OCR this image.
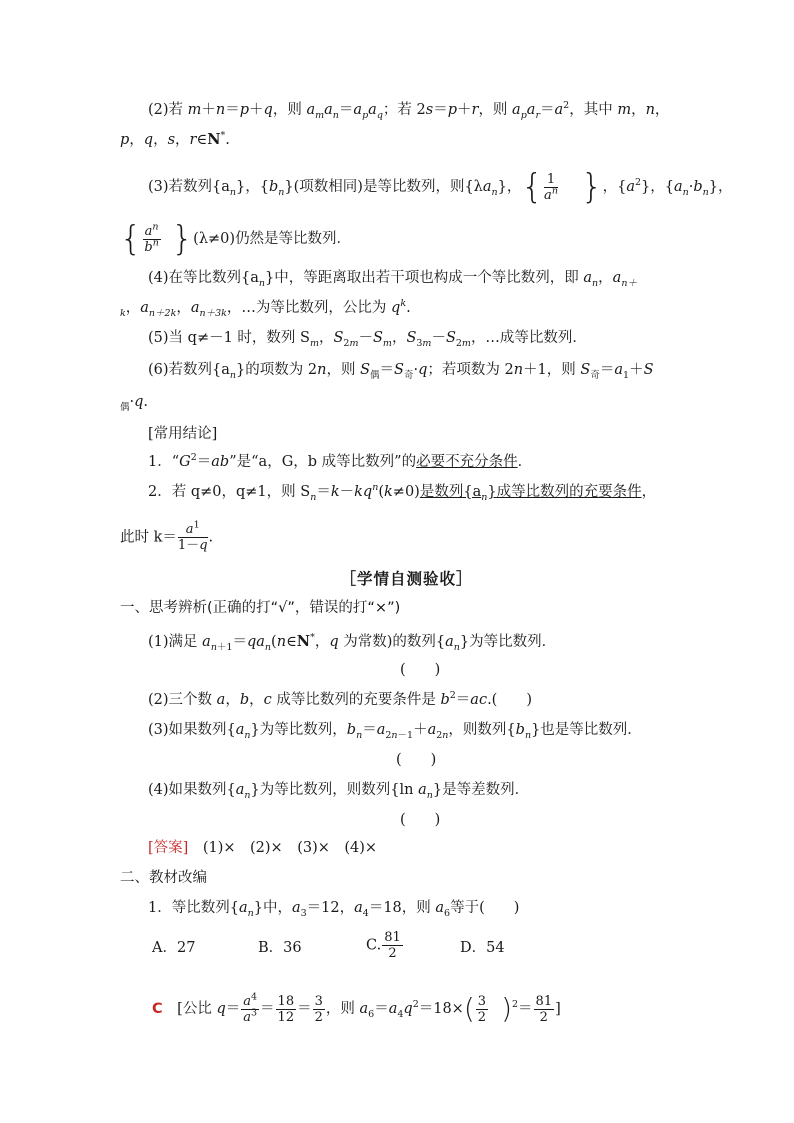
(2)若 m＋n＝p＋q，则 $a_ma_n=a_pa_q$；若 2s＝p＋r，则 $a_pa_r=a^2$，其中 m，n，
p，q，s，r∈N*.
(3)若数列$\{a_n\}$，$\{b_n\}$(项数相同)是等比数列，则$\{\lambda a_n\}$，{ $\frac{1}{a^n}$ }，$\{a^2\}$，$\{a_n\cdot b_n\}$，
{ $\frac{a^n}{b^n} \}(\lambda\ne 0)$仍然是等比数列．
(4)在等比数列$\{a_n\}$中，等距离取出若干项也构成一个等比数列，即 $a_n$，$a_{n+}$
$_k$，$a_{n+2k}$，$a_{n+3k}$，…为等比数列，公比为 $q^k$.
(5)当 q≠－1 时，数列 $S_m$，$S_{2m}-S_m$，$S_{3m}-S_{2m}$，…成等比数列．
(6)若数列$\{a_n\}$的项数为 2n，则 $S_偶=S_奇\cdot q$；若项数为 2n＋1，则 $S_奇=a_1+S$
$_偶$·q.
[常用结论]
1．“$G^2=ab$”是“a，G，b 成等比数列”的必要不充分条件．
2．若 q≠0，q≠1，则 $S_n=k-kq^n(k\ne 0)$是数列$\{a_n\}$成等比数列的充要条件，
此时 $k= \frac{a^1}{1-q}$ .
［学情自测验收］
一、思考辨析(正确的打“√”，错误的打“×”)
(1)满足 $a_{n+1}=qa_n(n\in N^*$，q 为常数)的数列$\{a_n\}$为等比数列．
(　　)
(2)三个数 a，b，c 成等比数列的充要条件是 $b^2=ac$.(　　)
(3)如果数列$\{a_n\}$为等比数列，$b_n=a_{2n-1}+a_{2n}$，则数列$\{b_n\}$也是等比数列．
(　　)
(4)如果数列$\{a_n\}$为等比数列，则数列{ln $a_n$}是等差数列．
(　　)
[答案]　 (1)×　(2)×　(3)×　(4)×
二、教材改编
1．等比数列$\{a_n\}$中，$a_3=12$，$a_4=18$，则 $a_6$等于(　　)
A．27	B．36	C. $\frac{81}{2}$	D．54
C　[公比 $q= \frac{a^4}{a^3} = \frac{18}{12} = \frac{3}{2}$ ，则 $a_6=a_4q^2=18\times( \frac{3}{2} )^2= \frac{81}{2}$ ]
